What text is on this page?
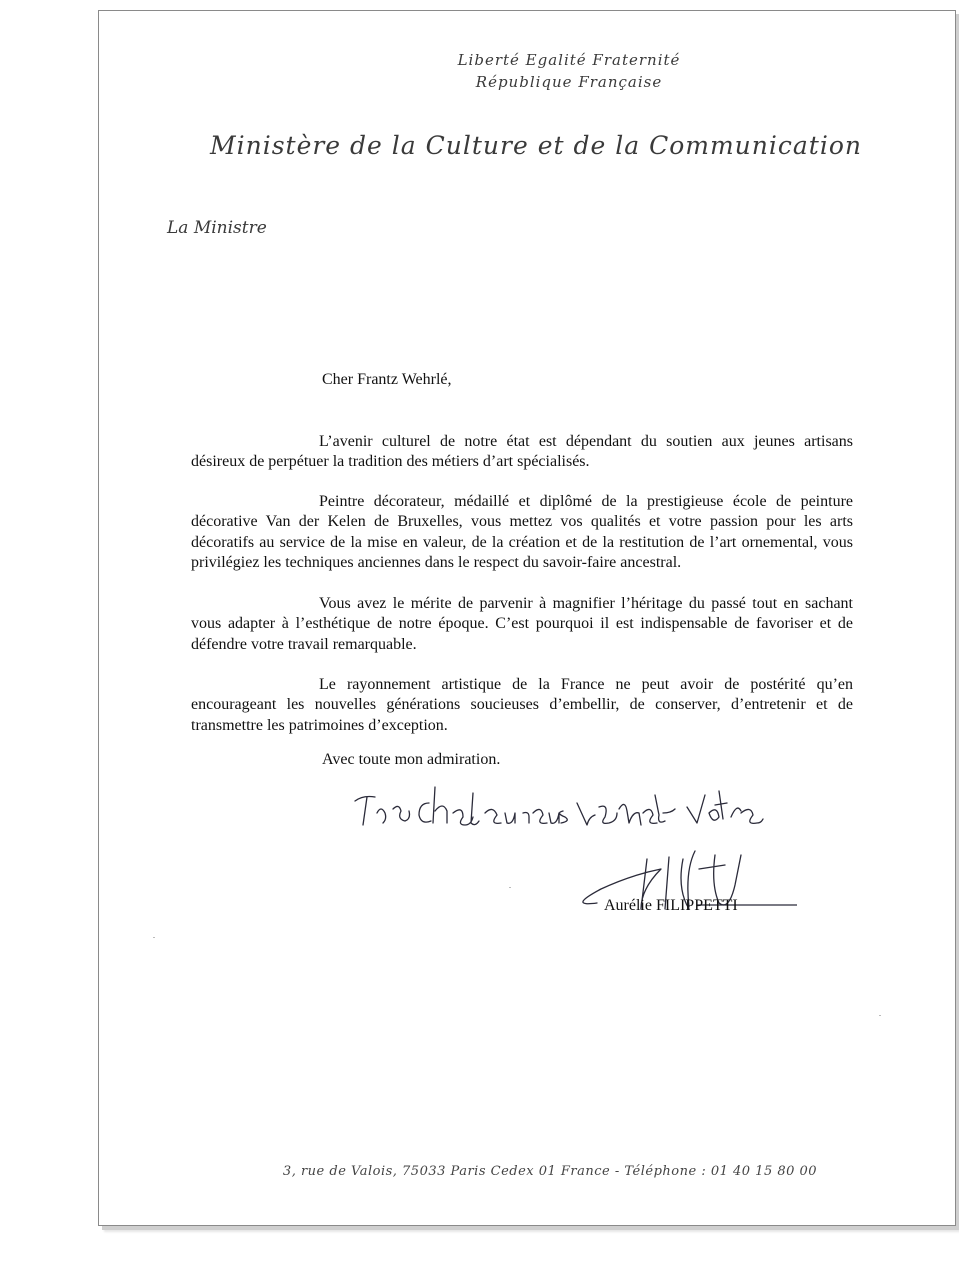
Liberté Egalité Fraternité
République Française
Ministère de la Culture et de la Communication
La Ministre
Cher Frantz Wehrlé,

L’avenir culturel de notre état est dépendant du soutien aux jeunes artisans désireux de perpétuer la tradition des métiers d’art spécialisés.

Peintre décorateur, médaillé et diplômé de la prestigieuse école de peinture décorative Van der Kelen de Bruxelles, vous mettez vos qualités et votre passion pour les arts décoratifs au service de la mise en valeur, de la création et de la restitution de l’art ornemental, vous privilégiez les techniques anciennes dans le respect du savoir-faire ancestral.

Vous avez le mérite de parvenir à magnifier l’héritage du passé tout en sachant vous adapter à l’esthétique de notre époque. C’est pourquoi il est indispensable de favoriser et de défendre votre travail remarquable.

Le rayonnement artistique de la France ne peut avoir de postérité qu’en encourageant les nouvelles générations soucieuses d’embellir, de conserver, d’entretenir et de transmettre les patrimoines d’exception.

Avec toute mon admiration.
Aurélie FILIPPETTI
3, rue de Valois, 75033 Paris Cedex 01 France - Téléphone : 01 40 15 80 00
